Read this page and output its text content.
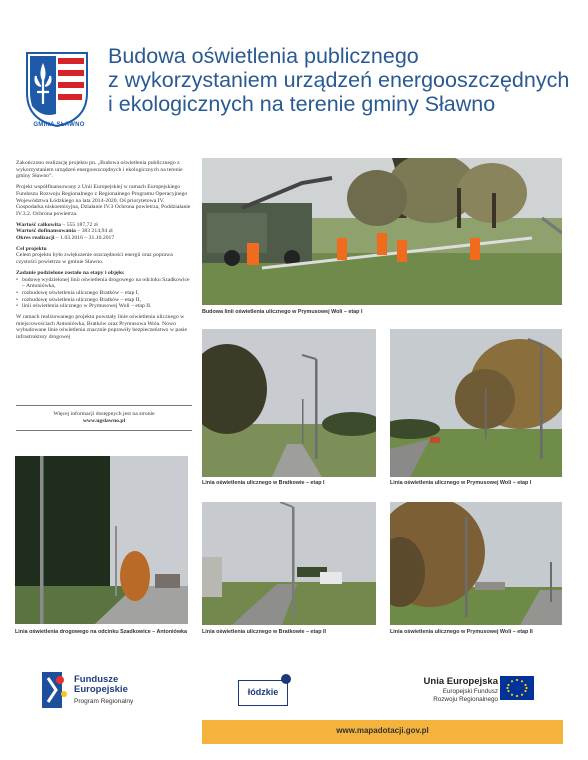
GMINA SŁAWNO
Budowa oświetlenia publicznego
z wykorzystaniem urządzeń energooszczędnych
i ekologicznych na terenie gminy Sławno

Zakończono realizację projektu pn. „Budowa oświetlenia publicznego z wykorzystaniem urządzeń energooszczędnych i ekologicznych na terenie gminy Sławno”.

Projekt współfinansowany z Unii Europejskiej w ramach Europejskiego Funduszu Rozwoju Regionalnego z Regionalnego Programu Operacyjnego Województwa Łódzkiego na lata 2014-2020, Oś priorytetowa IV. Gospodarka niskoemisyjna, Działanie IV.3 Ochrona powietrza, Poddziałanie IV.3.2. Ochrona powietrza.

Wartość całkowita – 555 187,72 zł
Wartość dofinansowania – 383 214,94 zł
Okres realizacji – 1.03.2016 – 31.10.2017

Cel projektu
Celem projektu było zwiększenie oszczędności energii oraz poprawa czystości powietrza w gminie Sławno.

Zadanie podzielone zostało na etapy i objęło:
• budowę wydzielonej linii oświetlenia drogowego na odcinku Szadkowice – Antoniówka,
• rozbudowę oświetlenia ulicznego Bratków – etap I,
• rozbudowę oświetlenia ulicznego Bratków – etap II,
• linii oświetlenia ulicznego w Prymusowej Woli – etap II.

W ramach realizowanego projektu powstały linie oświetlenia ulicznego w miejscowościach Antoniówka, Bratków oraz Prymusowa Wola. Nowo wybudowane linie oświetlenia znacznie poprawiły bezpieczeństwo w pasie infrastruktury drogowej

Więcej informacji dostępnych jest na stronie
www.ugslawno.pl
Budowa linii oświetlenia ulicznego w Prymusowej Woli – etap I
Linia oświetlenia ulicznego w Bratkowie – etap I	Linia oświetlenia ulicznego w Prymusowej Woli – etap I
Linia oświetlenia drogowego na odcinku Szadkowice – Antoniówka	Linia oświetlenia ulicznego w Bratkowie – etap II	Linia oświetlenia ulicznego w Prymusowej Woli – etap II
Fundusze
Europejskie
Program Regionalny
łódzkie
Unia Europejska
Europejski Fundusz
Rozwoju Regionalnego
www.mapadotacji.gov.pl
